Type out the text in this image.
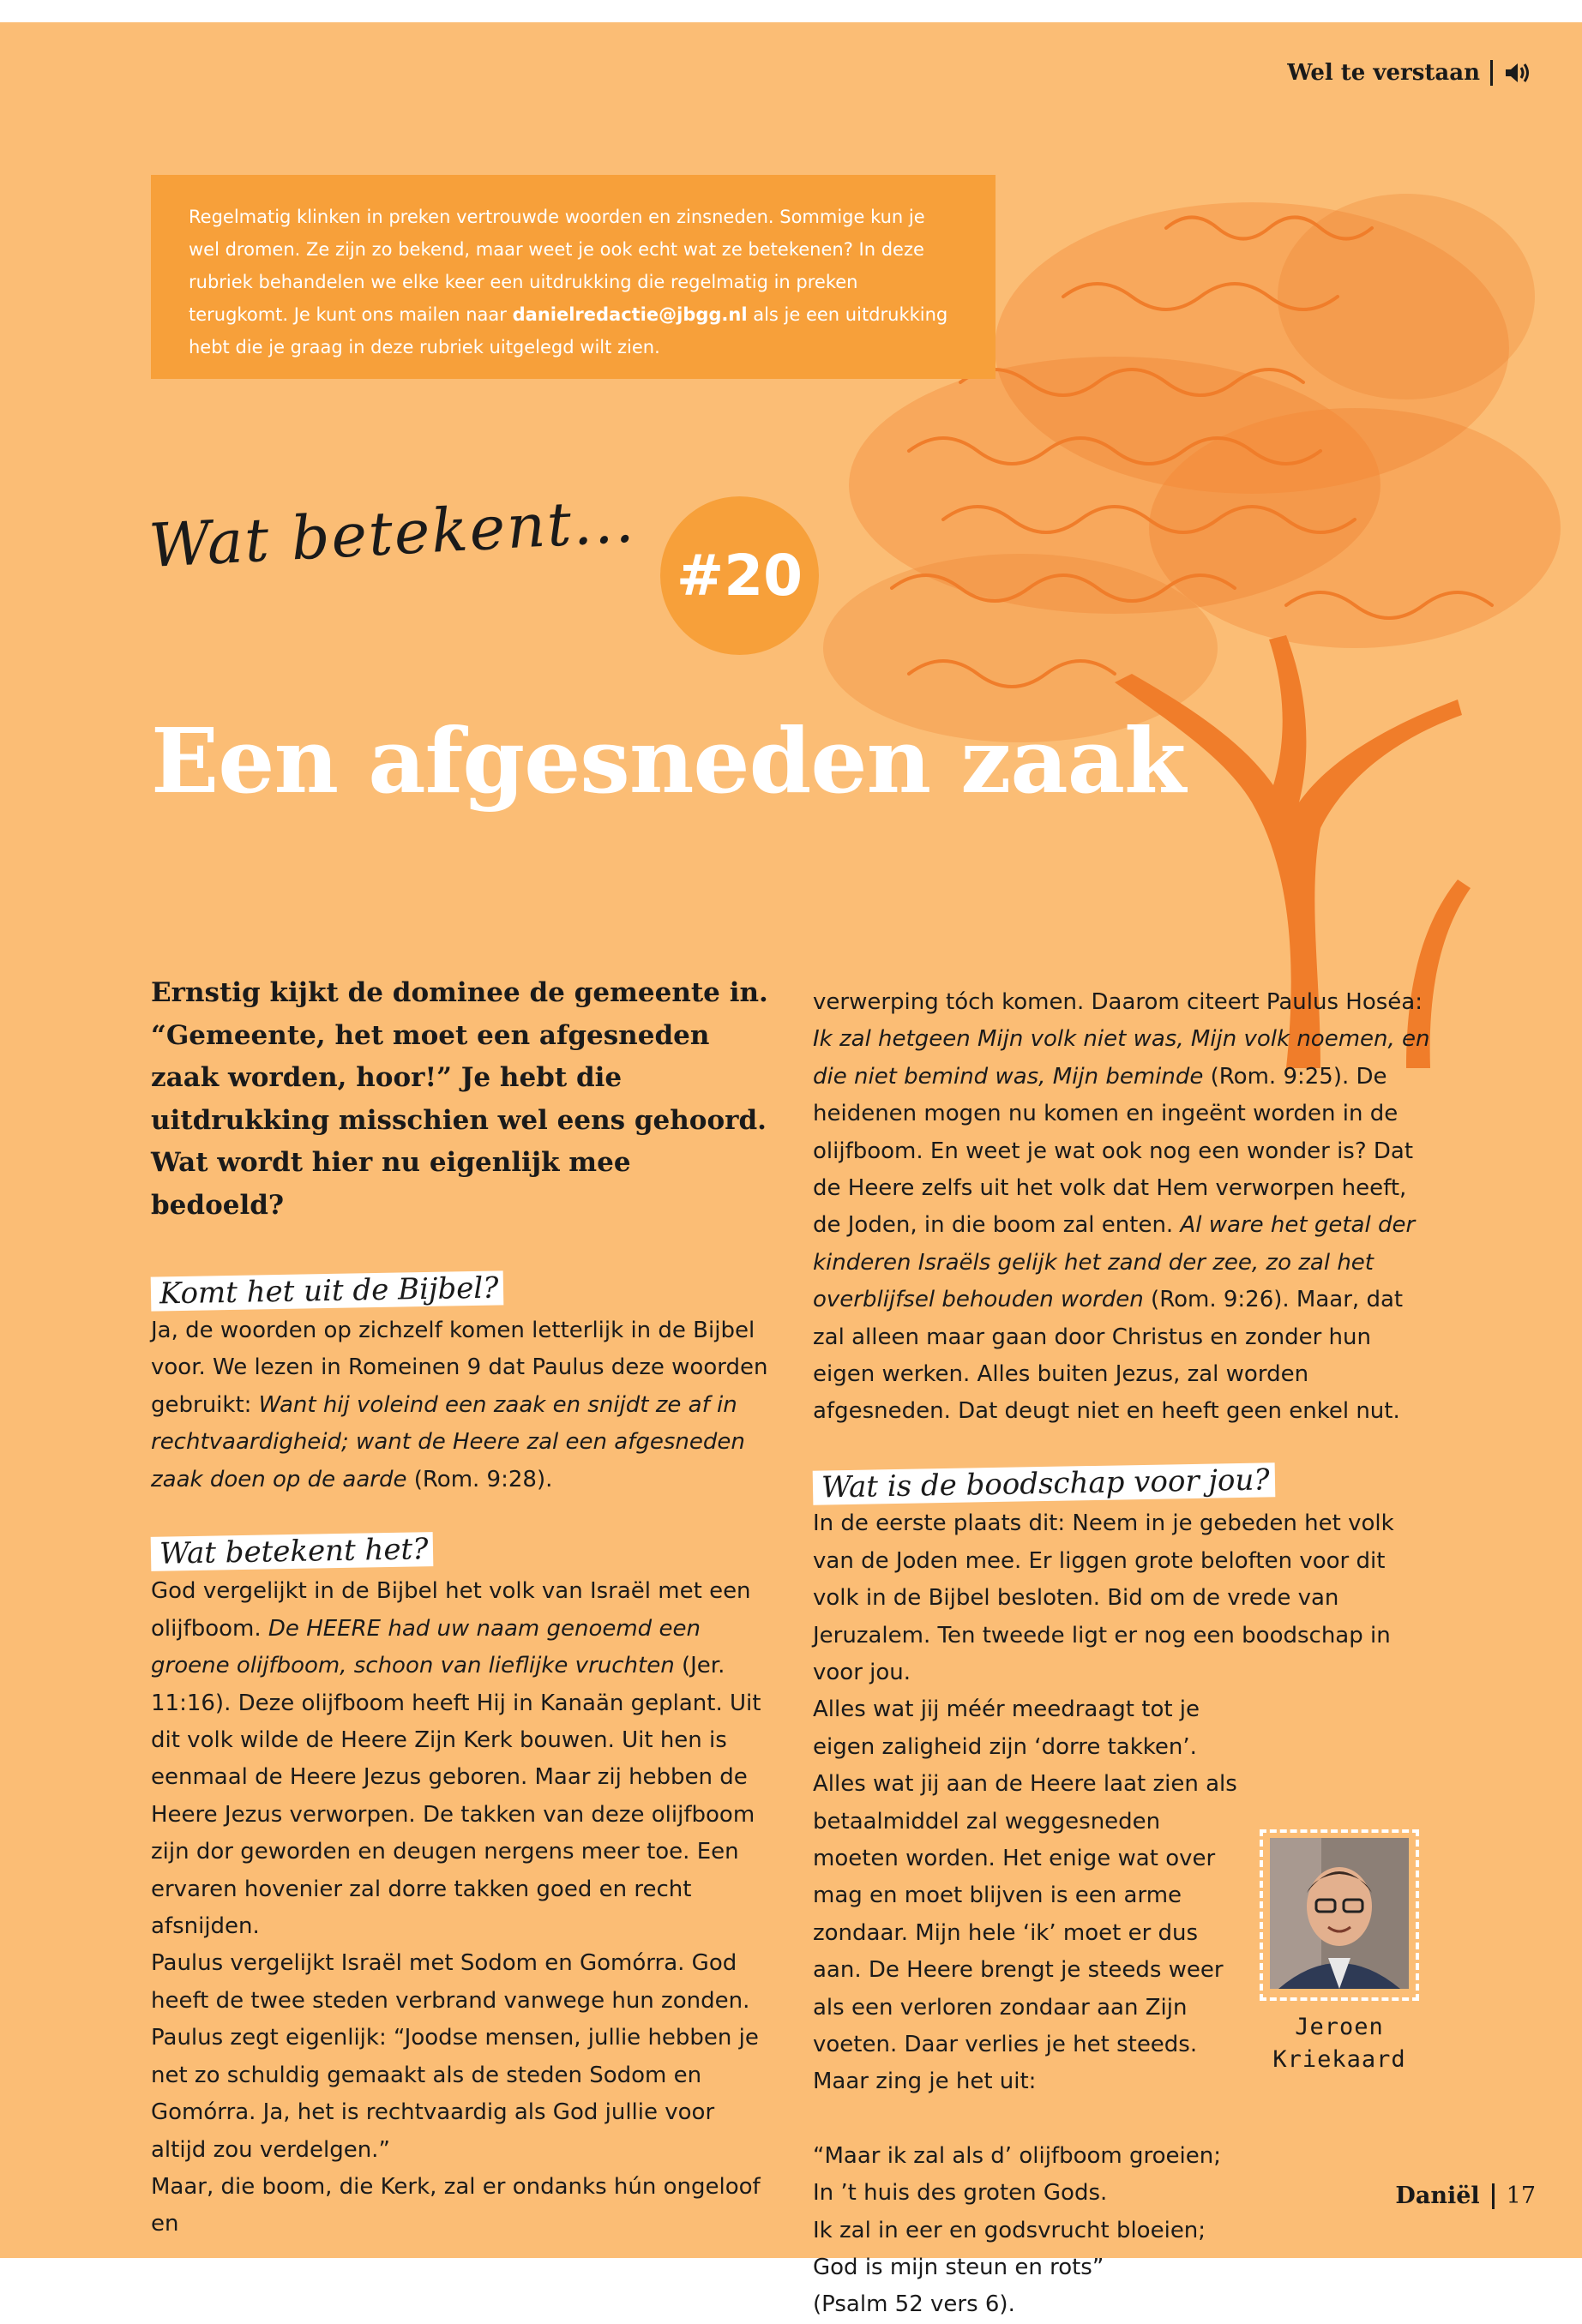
Wel te verstaan
Regelmatig klinken in preken vertrouwde woorden en zinsneden. Sommige kun je wel dromen. Ze zijn zo bekend, maar weet je ook echt wat ze betekenen? In deze rubriek behandelen we elke keer een uitdrukking die regelmatig in preken terugkomt. Je kunt ons mailen naar danielredactie@jbgg.nl als je een uitdrukking hebt die je graag in deze rubriek uitgelegd wilt zien.
Wat betekent... #20
Een afgesneden zaak

Ernstig kijkt de dominee de gemeente in. “Gemeente, het moet een afgesneden zaak worden, hoor!” Je hebt die uitdrukking misschien wel eens gehoord. Wat wordt hier nu eigenlijk mee bedoeld?

Komt het uit de Bijbel?

Ja, de woorden op zichzelf komen letterlijk in de Bijbel voor. We lezen in Romeinen 9 dat Paulus deze woorden gebruikt: Want hij voleind een zaak en snijdt ze af in rechtvaardigheid; want de Heere zal een afgesneden zaak doen op de aarde (Rom. 9:28).

Wat betekent het?

God vergelijkt in de Bijbel het volk van Israël met een olijfboom. De HEERE had uw naam genoemd een groene olijfboom, schoon van lieflijke vruchten (Jer. 11:16). Deze olijfboom heeft Hij in Kanaän geplant. Uit dit volk wilde de Heere Zijn Kerk bouwen. Uit hen is eenmaal de Heere Jezus geboren. Maar zij hebben de Heere Jezus verworpen. De takken van deze olijfboom zijn dor geworden en deugen nergens meer toe. Een ervaren hovenier zal dorre takken goed en recht afsnijden.

Paulus vergelijkt Israël met Sodom en Gomórra. God heeft de twee steden verbrand vanwege hun zonden. Paulus zegt eigenlijk: “Joodse mensen, jullie hebben je net zo schuldig gemaakt als de steden Sodom en Gomórra. Ja, het is rechtvaardig als God jullie voor altijd zou verdelgen.”

Maar, die boom, die Kerk, zal er ondanks hún ongeloof en

verwerping tóch komen. Daarom citeert Paulus Hoséa: Ik zal hetgeen Mijn volk niet was, Mijn volk noemen, en die niet bemind was, Mijn beminde (Rom. 9:25). De heidenen mogen nu komen en ingeënt worden in de olijfboom. En weet je wat ook nog een wonder is? Dat de Heere zelfs uit het volk dat Hem verworpen heeft, de Joden, in die boom zal enten. Al ware het getal der kinderen Israëls gelijk het zand der zee, zo zal het overblijfsel behouden worden (Rom. 9:26). Maar, dat zal alleen maar gaan door Christus en zonder hun eigen werken. Alles buiten Jezus, zal worden afgesneden. Dat deugt niet en heeft geen enkel nut.

Wat is de boodschap voor jou?

In de eerste plaats dit: Neem in je gebeden het volk van de Joden mee. Er liggen grote beloften voor dit volk in de Bijbel besloten. Bid om de vrede van Jeruzalem. Ten tweede ligt er nog een boodschap in voor jou.

Alles wat jij méér meedraagt tot je eigen zaligheid zijn ‘dorre takken’. Alles wat jij aan de Heere laat zien als betaalmiddel zal weggesneden moeten worden. Het enige wat over mag en moet blijven is een arme zondaar. Mijn hele ‘ik’ moet er dus aan. De Heere brengt je steeds weer als een verloren zondaar aan Zijn voeten. Daar verlies je het steeds. Maar zing je het uit:

“Maar ik zal als d’ olijfboom groeien;

In ’t huis des groten Gods.

Ik zal in eer en godsvrucht bloeien;

God is mijn steun en rots”

(Psalm 52 vers 6).

Jeroen
Kriekaard
Daniël 17
